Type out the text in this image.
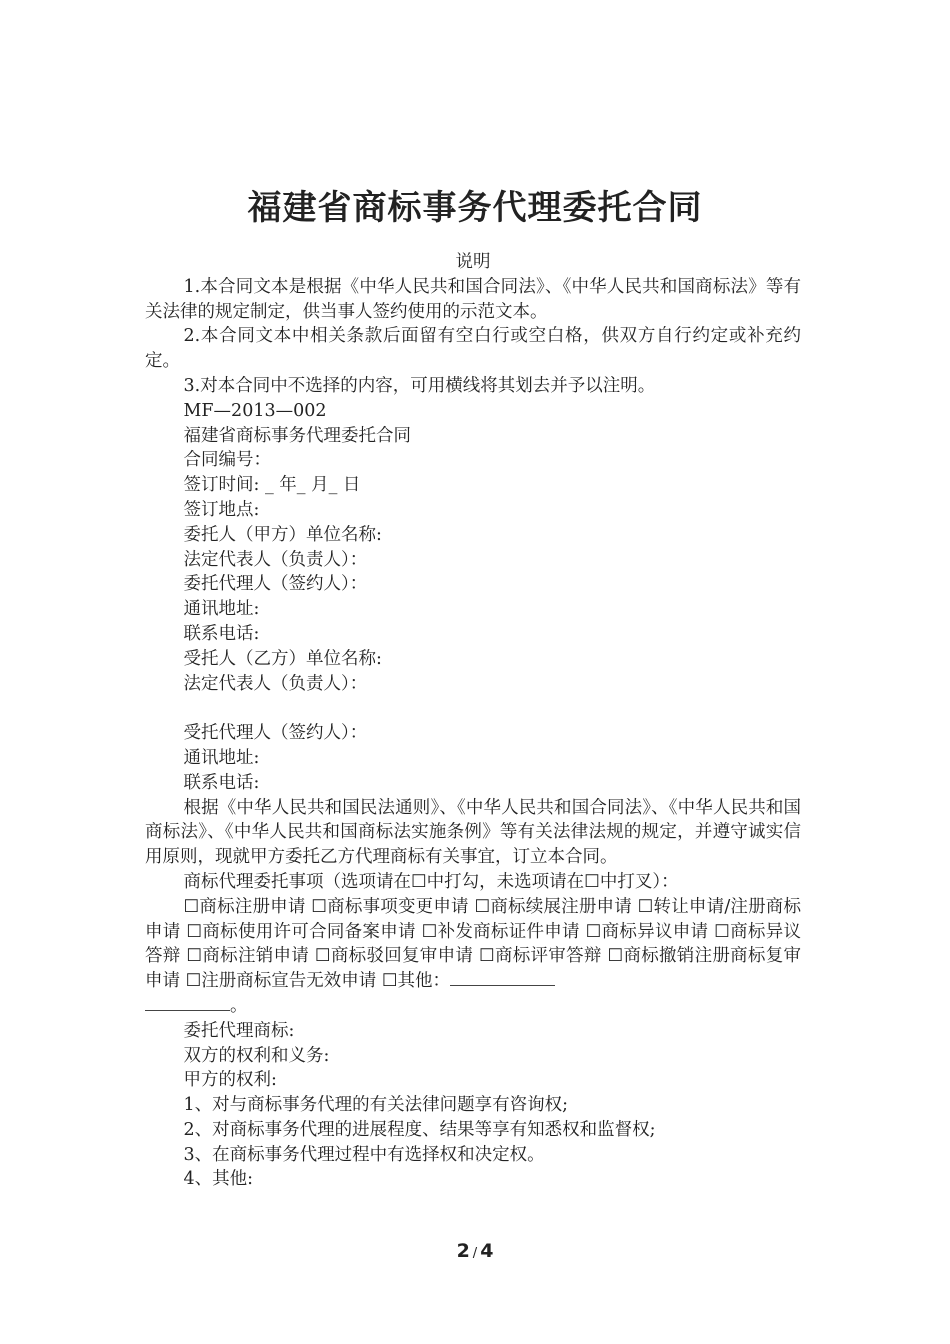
福建省商标事务代理委托合同
说明

1.本合同文本是根据《中华人民共和国合同法》、《中华人民共和国商标法》等有关法律的规定制定，供当事人签约使用的示范文本。

2.本合同文本中相关条款后面留有空白行或空白格，供双方自行约定或补充约定。

3.对本合同中不选择的内容，可用横线将其划去并予以注明。

MF—2013—002

福建省商标事务代理委托合同

合同编号：

签订时间: _ 年_ 月_ 日

签订地点:

委托人（甲方）单位名称:

法定代表人（负责人）：

委托代理人（签约人）：

通讯地址:

联系电话:

受托人（乙方）单位名称:

法定代表人（负责人）：

受托代理人（签约人）：

通讯地址:

联系电话:

根据《中华人民共和国民法通则》、《中华人民共和国合同法》、《中华人民共和国商标法》、《中华人民共和国商标法实施条例》等有关法律法规的规定，并遵守诚实信用原则，现就甲方委托乙方代理商标有关事宜，订立本合同。

商标代理委托事项（选项请在☐中打勾，未选项请在☐中打叉）：

☐商标注册申请 ☐商标事项变更申请 ☐商标续展注册申请 ☐转让申请/注册商标申请 ☐商标使用许可合同备案申请 ☐补发商标证件申请 ☐商标异议申请 ☐商标异议答辩 ☐商标注销申请 ☐商标驳回复审申请 ☐商标评审答辩 ☐商标撤销注册商标复审申请 ☐注册商标宣告无效申请 ☐其他：
。

委托代理商标:

双方的权利和义务:

甲方的权利:

1、对与商标事务代理的有关法律问题享有咨询权;

2、对商标事务代理的进展程度、结果等享有知悉权和监督权;

3、在商标事务代理过程中有选择权和决定权。

4、其他:

2 / 4
